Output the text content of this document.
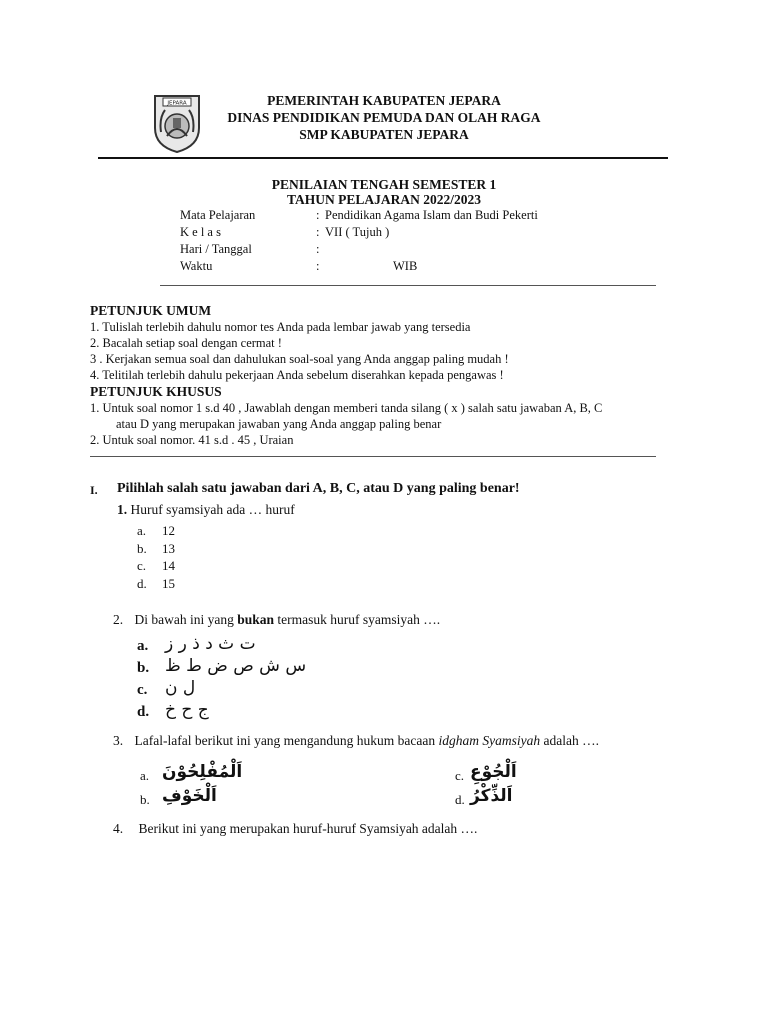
JEPARA	PEMERINTAH KABUPATEN JEPARA
DINAS PENDIDIKAN PEMUDA DAN OLAH RAGA
SMP KABUPATEN JEPARA
PENILAIAN TENGAH SEMESTER 1
TAHUN PELAJARAN 2022/2023
Mata Pelajaran	: Pendidikan Agama Islam dan Budi Pekerti
K e l a s	: VII ( Tujuh )
Hari / Tanggal	:
Waktu	:	WIB
PETUNJUK UMUM
1. Tulislah terlebih dahulu nomor tes Anda pada lembar jawab yang tersedia
2. Bacalah setiap soal dengan cermat !
3 . Kerjakan semua soal dan dahulukan soal-soal yang Anda anggap paling mudah !
4. Telitilah terlebih dahulu pekerjaan Anda sebelum diserahkan kepada pengawas !
PETUNJUK KHUSUS
1. Untuk soal nomor 1 s.d 40 , Jawablah dengan memberi tanda silang ( x ) salah satu jawaban A, B, C
atau D yang merupakan jawaban yang Anda anggap paling benar
2. Untuk soal nomor. 41 s.d . 45 , Uraian
I. Pilihlah salah satu jawaban dari A, B, C, atau D yang paling benar!
1. Huruf syamsiyah ada … huruf
a. 12
b. 13
c. 14
d. 15
2. Di bawah ini yang bukan termasuk huruf syamsiyah ….
a. ت ث د ذ ر ز
b. س ش ص ض ط ظ
c. ل ن
d. ج ح خ
3. Lafal-lafal berikut ini yang mengandung hukum bacaan idgham Syamsiyah adalah ….
a. اَلْمُفْلِحُوْنَ	c. اَلْجُوْعِ
b. اَلْخَوْفِ	d. اَلذِّكْرُ
4. Berikut ini yang merupakan huruf-huruf Syamsiyah adalah ….
